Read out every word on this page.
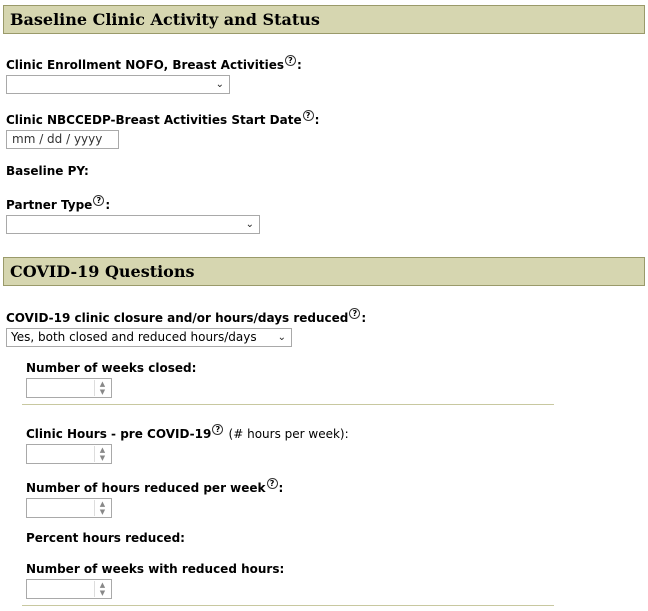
Baseline Clinic Activity and Status
Clinic Enrollment NOFO, Breast Activities ? :
⌄
Clinic NBCCEDP-Breast Activities Start Date ? :
mm / dd / yyyy
Baseline PY:
Partner Type ? :
⌄
COVID-19 Questions
COVID-19 clinic closure and/or hours/days reduced ? :
Yes, both closed and reduced hours/days ⌄
Number of weeks closed:
▲
▼
Clinic Hours - pre COVID-19 ? (# hours per week):
▲
▼
Number of hours reduced per week ? :
▲
▼
Percent hours reduced:
Number of weeks with reduced hours:
▲
▼
